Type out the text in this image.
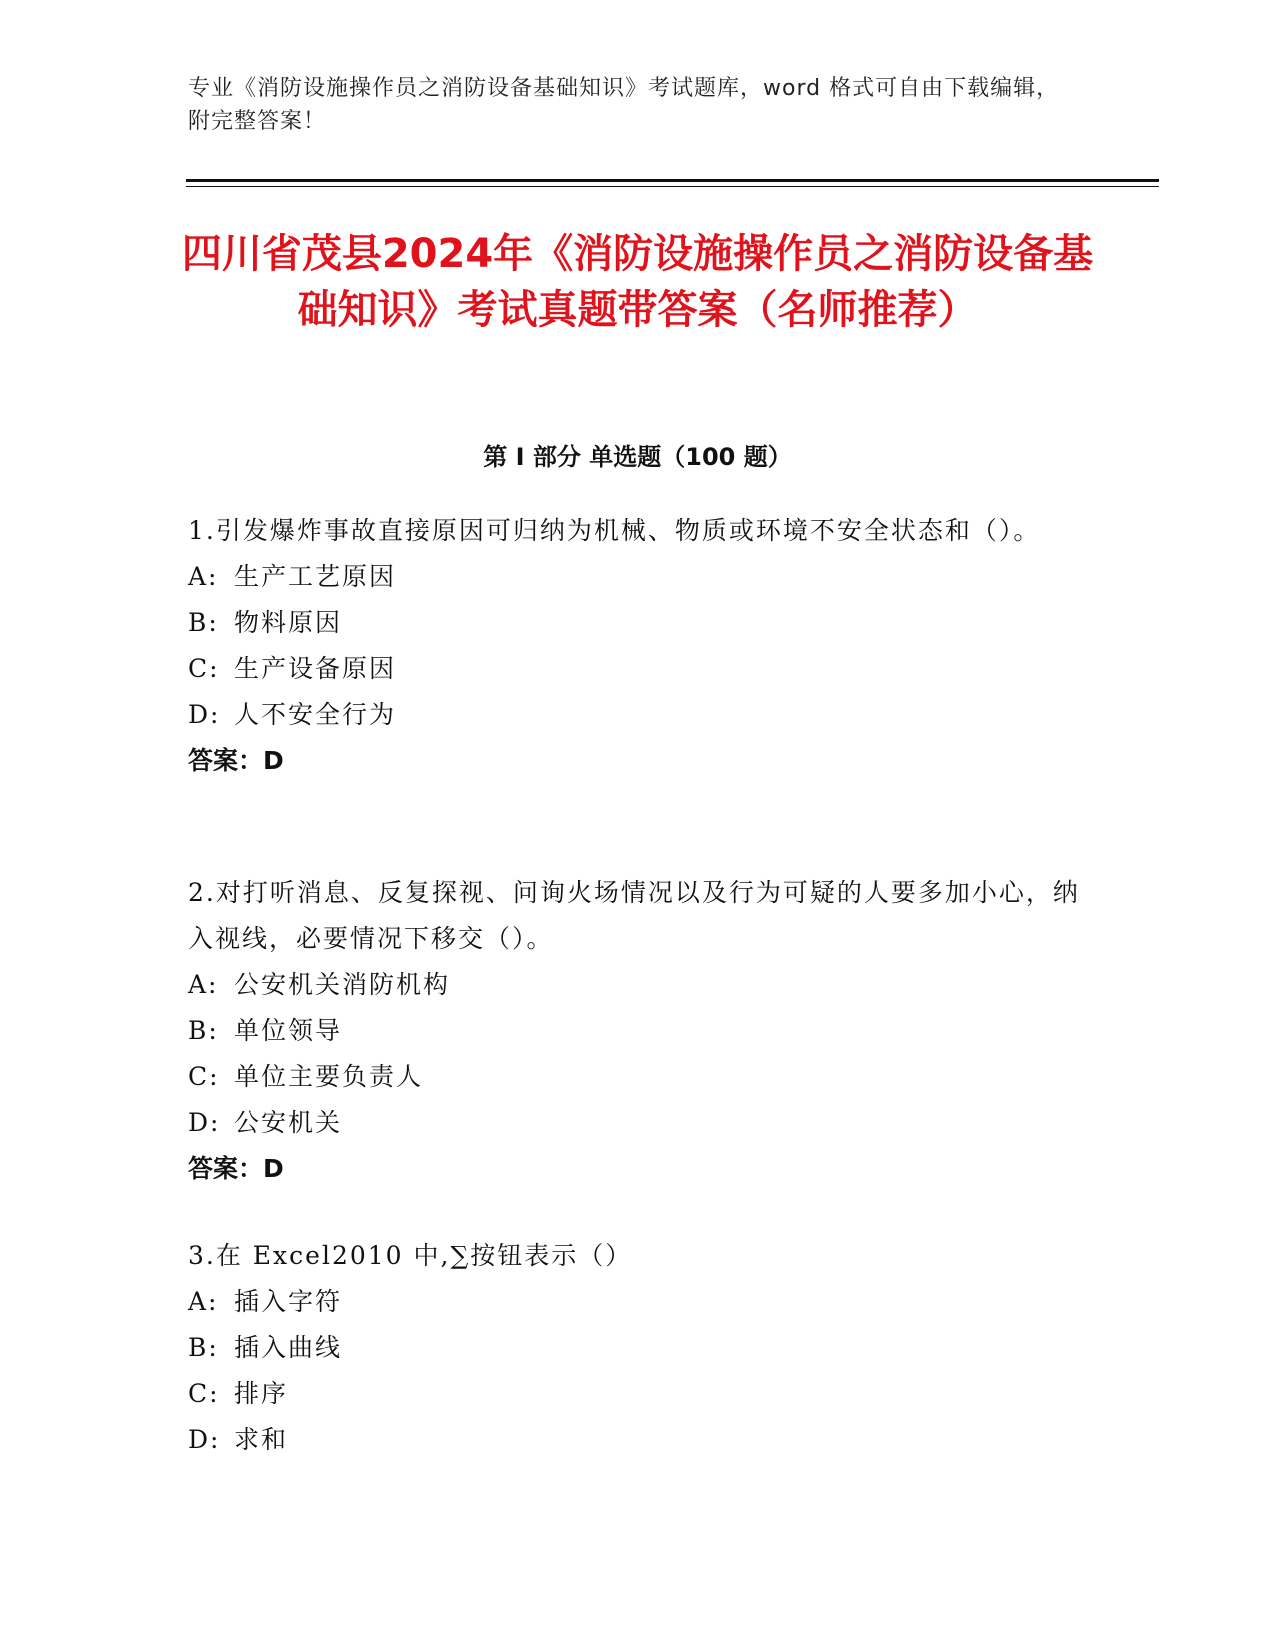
专业《消防设施操作员之消防设备基础知识》考试题库，word 格式可自由下载编辑，附完整答案！
四川省茂县2024年《消防设施操作员之消防设备基础知识》考试真题带答案（名师推荐）
第 I 部分 单选题（100 题）
1.引发爆炸事故直接原因可归纳为机械、物质或环境不安全状态和（）。
A: 生产工艺原因
B: 物料原因
C: 生产设备原因
D: 人不安全行为
答案：D
2.对打听消息、反复探视、问询火场情况以及行为可疑的人要多加小心，纳入视线，必要情况下移交（）。
A: 公安机关消防机构
B: 单位领导
C: 单位主要负责人
D: 公安机关
答案：D
3.在 Excel2010 中,∑按钮表示（）
A: 插入字符
B: 插入曲线
C: 排序
D: 求和
